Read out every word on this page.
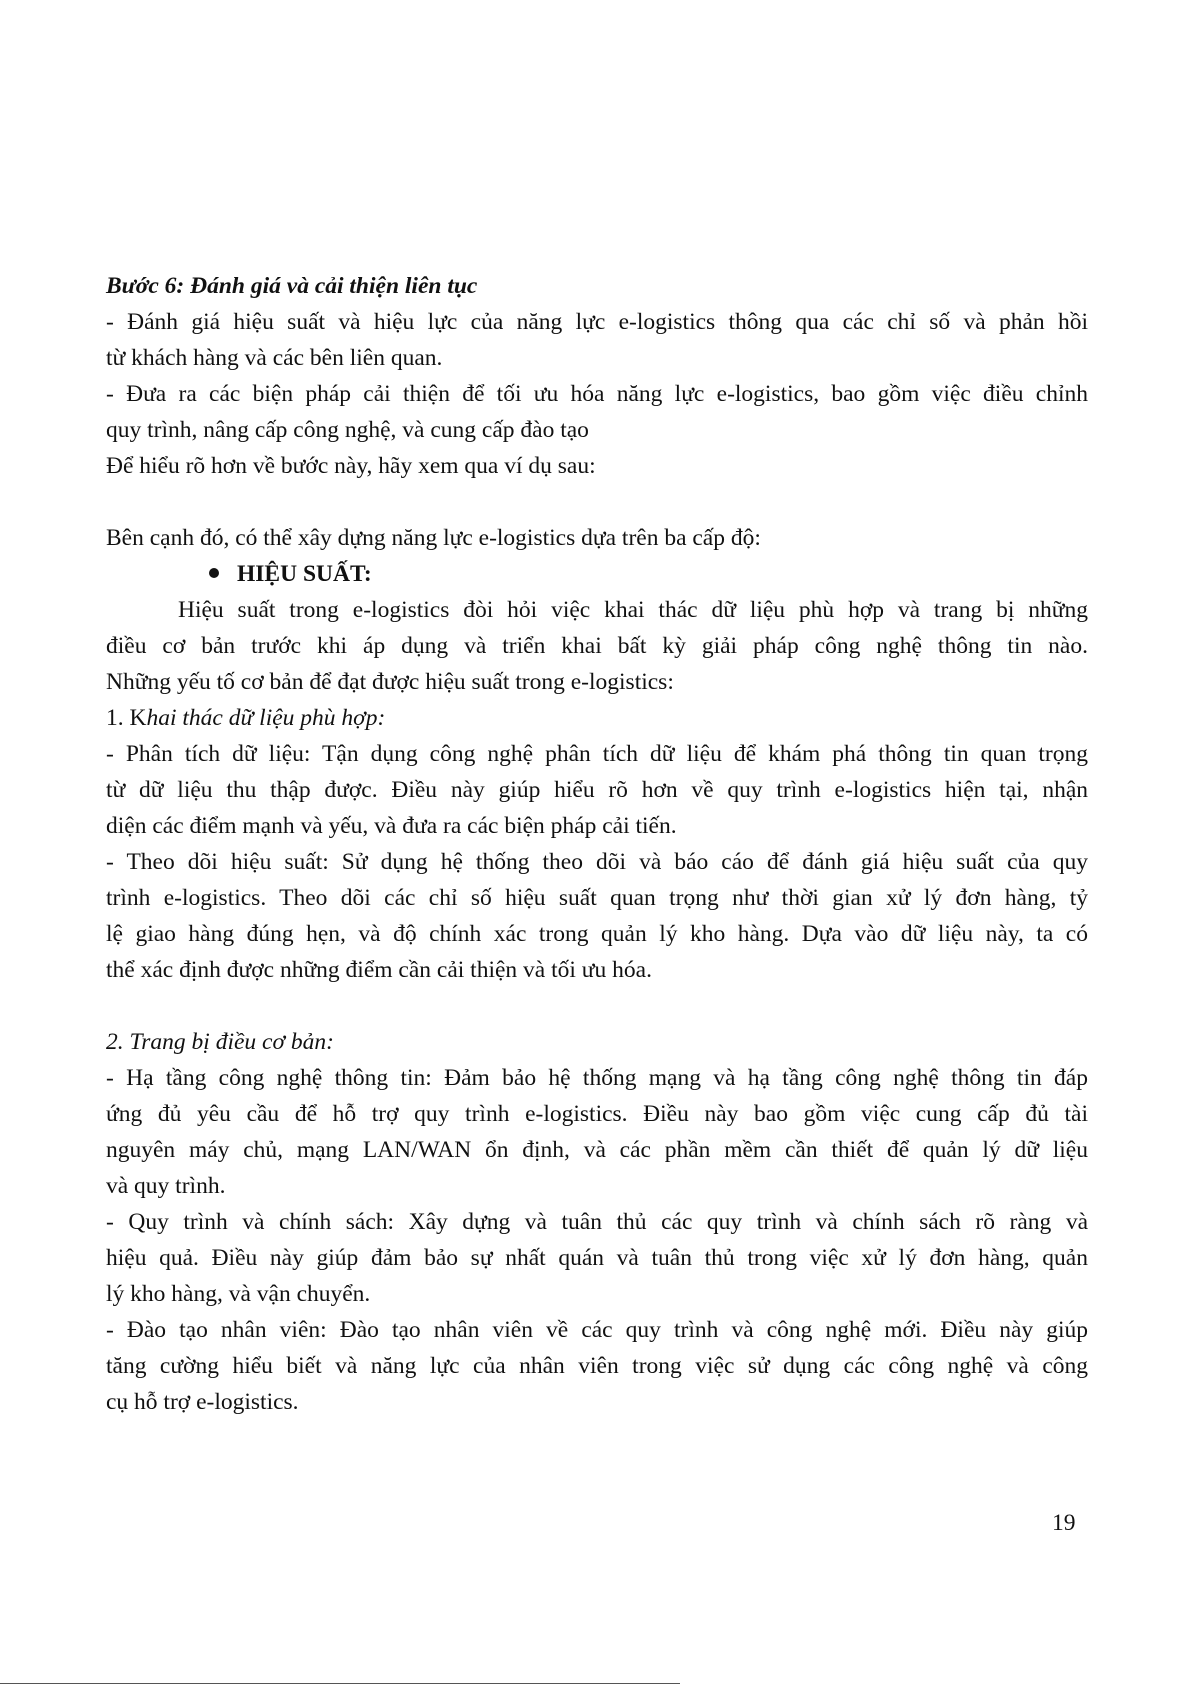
Bước 6: Đánh giá và cải thiện liên tục
- Đánh giá hiệu suất và hiệu lực của năng lực e-logistics thông qua các chỉ số và phản hồi
từ khách hàng và các bên liên quan.
- Đưa ra các biện pháp cải thiện để tối ưu hóa năng lực e-logistics, bao gồm việc điều chỉnh
quy trình, nâng cấp công nghệ, và cung cấp đào tạo
Để hiểu rõ hơn về bước này, hãy xem qua ví dụ sau:
Bên cạnh đó, có thể xây dựng năng lực e-logistics dựa trên ba cấp độ:
HIỆU SUẤT:
Hiệu suất trong e-logistics đòi hỏi việc khai thác dữ liệu phù hợp và trang bị những
điều cơ bản trước khi áp dụng và triển khai bất kỳ giải pháp công nghệ thông tin nào.
Những yếu tố cơ bản để đạt được hiệu suất trong e-logistics:
1. Khai thác dữ liệu phù hợp:
- Phân tích dữ liệu: Tận dụng công nghệ phân tích dữ liệu để khám phá thông tin quan trọng
từ dữ liệu thu thập được. Điều này giúp hiểu rõ hơn về quy trình e-logistics hiện tại, nhận
diện các điểm mạnh và yếu, và đưa ra các biện pháp cải tiến.
- Theo dõi hiệu suất: Sử dụng hệ thống theo dõi và báo cáo để đánh giá hiệu suất của quy
trình e-logistics. Theo dõi các chỉ số hiệu suất quan trọng như thời gian xử lý đơn hàng, tỷ
lệ giao hàng đúng hẹn, và độ chính xác trong quản lý kho hàng. Dựa vào dữ liệu này, ta có
thể xác định được những điểm cần cải thiện và tối ưu hóa.
2. Trang bị điều cơ bản:
- Hạ tầng công nghệ thông tin: Đảm bảo hệ thống mạng và hạ tầng công nghệ thông tin đáp
ứng đủ yêu cầu để hỗ trợ quy trình e-logistics. Điều này bao gồm việc cung cấp đủ tài
nguyên máy chủ, mạng LAN/WAN ổn định, và các phần mềm cần thiết để quản lý dữ liệu
và quy trình.
- Quy trình và chính sách: Xây dựng và tuân thủ các quy trình và chính sách rõ ràng và
hiệu quả. Điều này giúp đảm bảo sự nhất quán và tuân thủ trong việc xử lý đơn hàng, quản
lý kho hàng, và vận chuyển.
- Đào tạo nhân viên: Đào tạo nhân viên về các quy trình và công nghệ mới. Điều này giúp
tăng cường hiểu biết và năng lực của nhân viên trong việc sử dụng các công nghệ và công
cụ hỗ trợ e-logistics.
19
